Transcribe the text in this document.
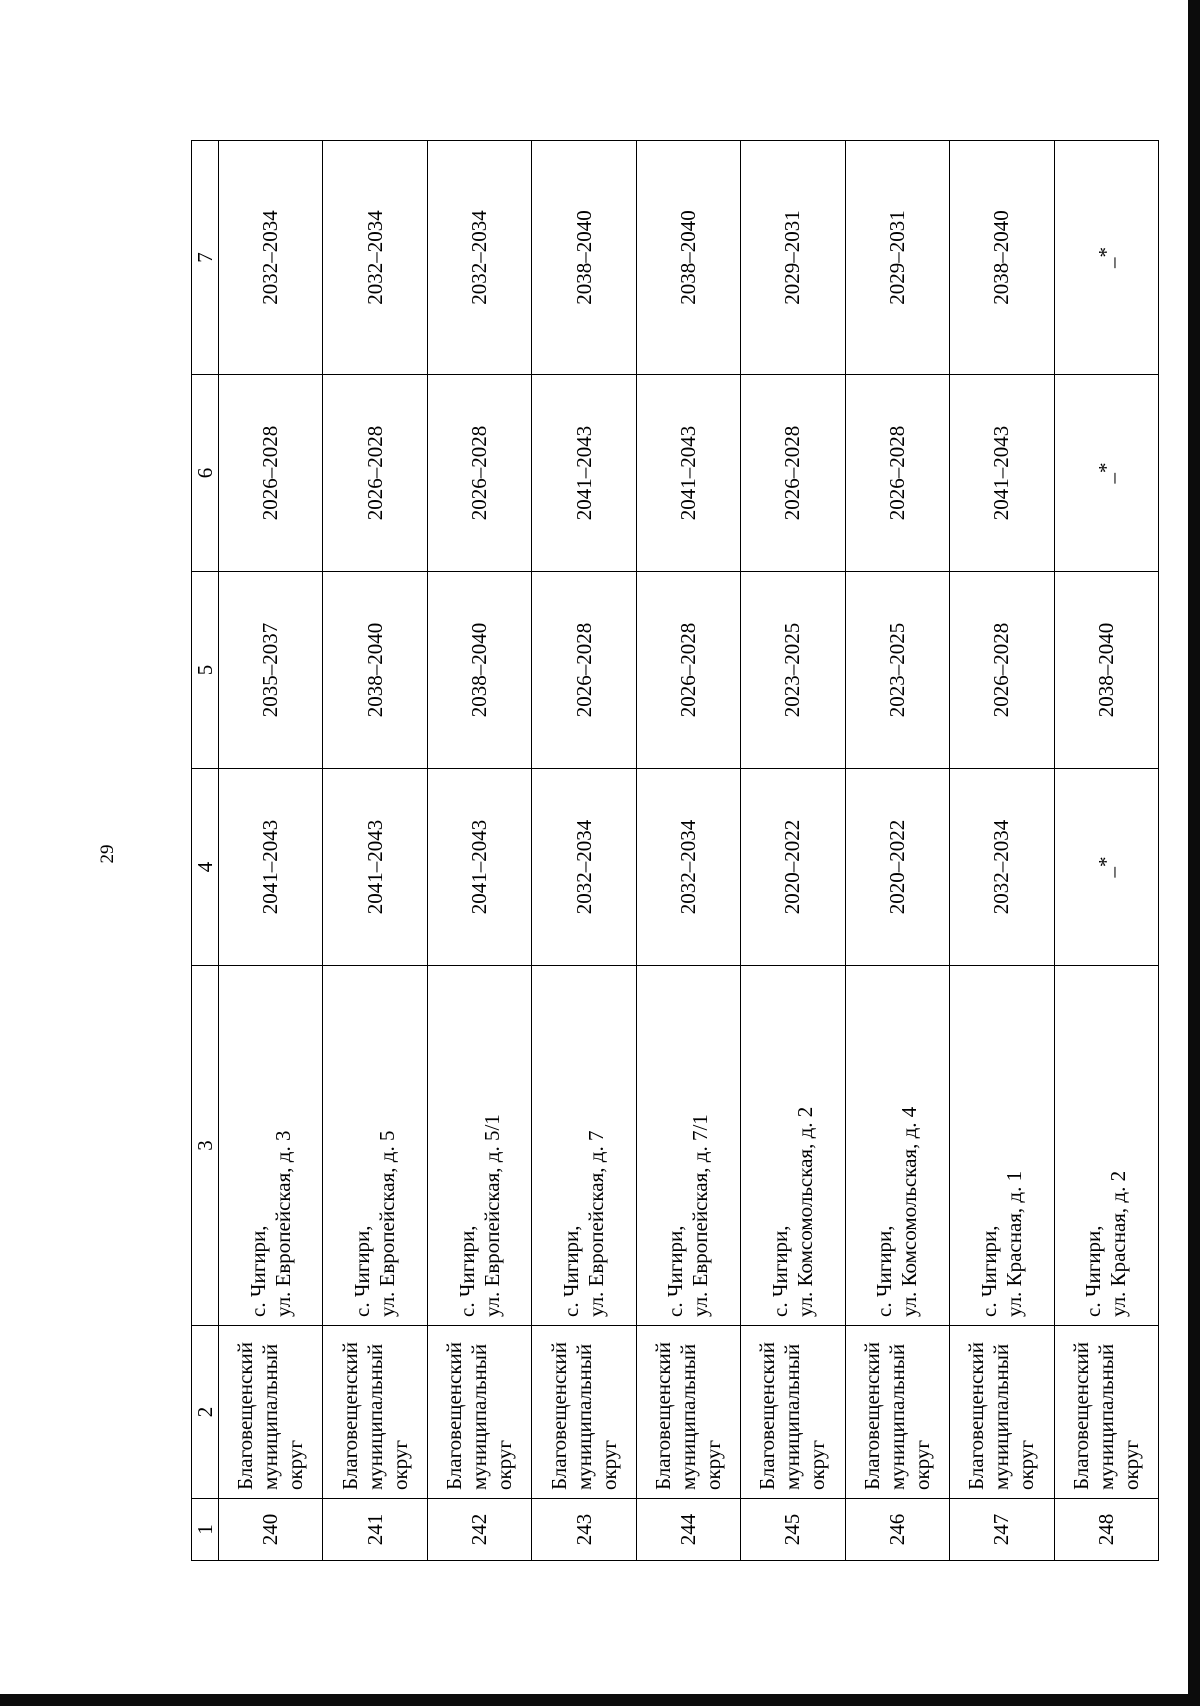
29
1	2	3	4	5	6	7
240	Благовещенский муниципальный округ	с. Чигири, ул. Европейская, д. 3	2041–2043	2035–2037	2026–2028	2032–2034
241	Благовещенский муниципальный округ	с. Чигири, ул. Европейская, д. 5	2041–2043	2038–2040	2026–2028	2032–2034
242	Благовещенский муниципальный округ	с. Чигири, ул. Европейская, д. 5/1	2041–2043	2038–2040	2026–2028	2032–2034
243	Благовещенский муниципальный округ	с. Чигири, ул. Европейская, д. 7	2032–2034	2026–2028	2041–2043	2038–2040
244	Благовещенский муниципальный округ	с. Чигири, ул. Европейская, д. 7/1	2032–2034	2026–2028	2041–2043	2038–2040
245	Благовещенский муниципальный округ	с. Чигири, ул. Комсомольская, д. 2	2020–2022	2023–2025	2026–2028	2029–2031
246	Благовещенский муниципальный округ	с. Чигири, ул. Комсомольская, д. 4	2020–2022	2023–2025	2026–2028	2029–2031
247	Благовещенский муниципальный округ	с. Чигири, ул. Красная, д. 1	2032–2034	2026–2028	2041–2043	2038–2040
248	Благовещенский муниципальный округ	с. Чигири, ул. Красная, д. 2	_*	2038–2040	_*	_*
